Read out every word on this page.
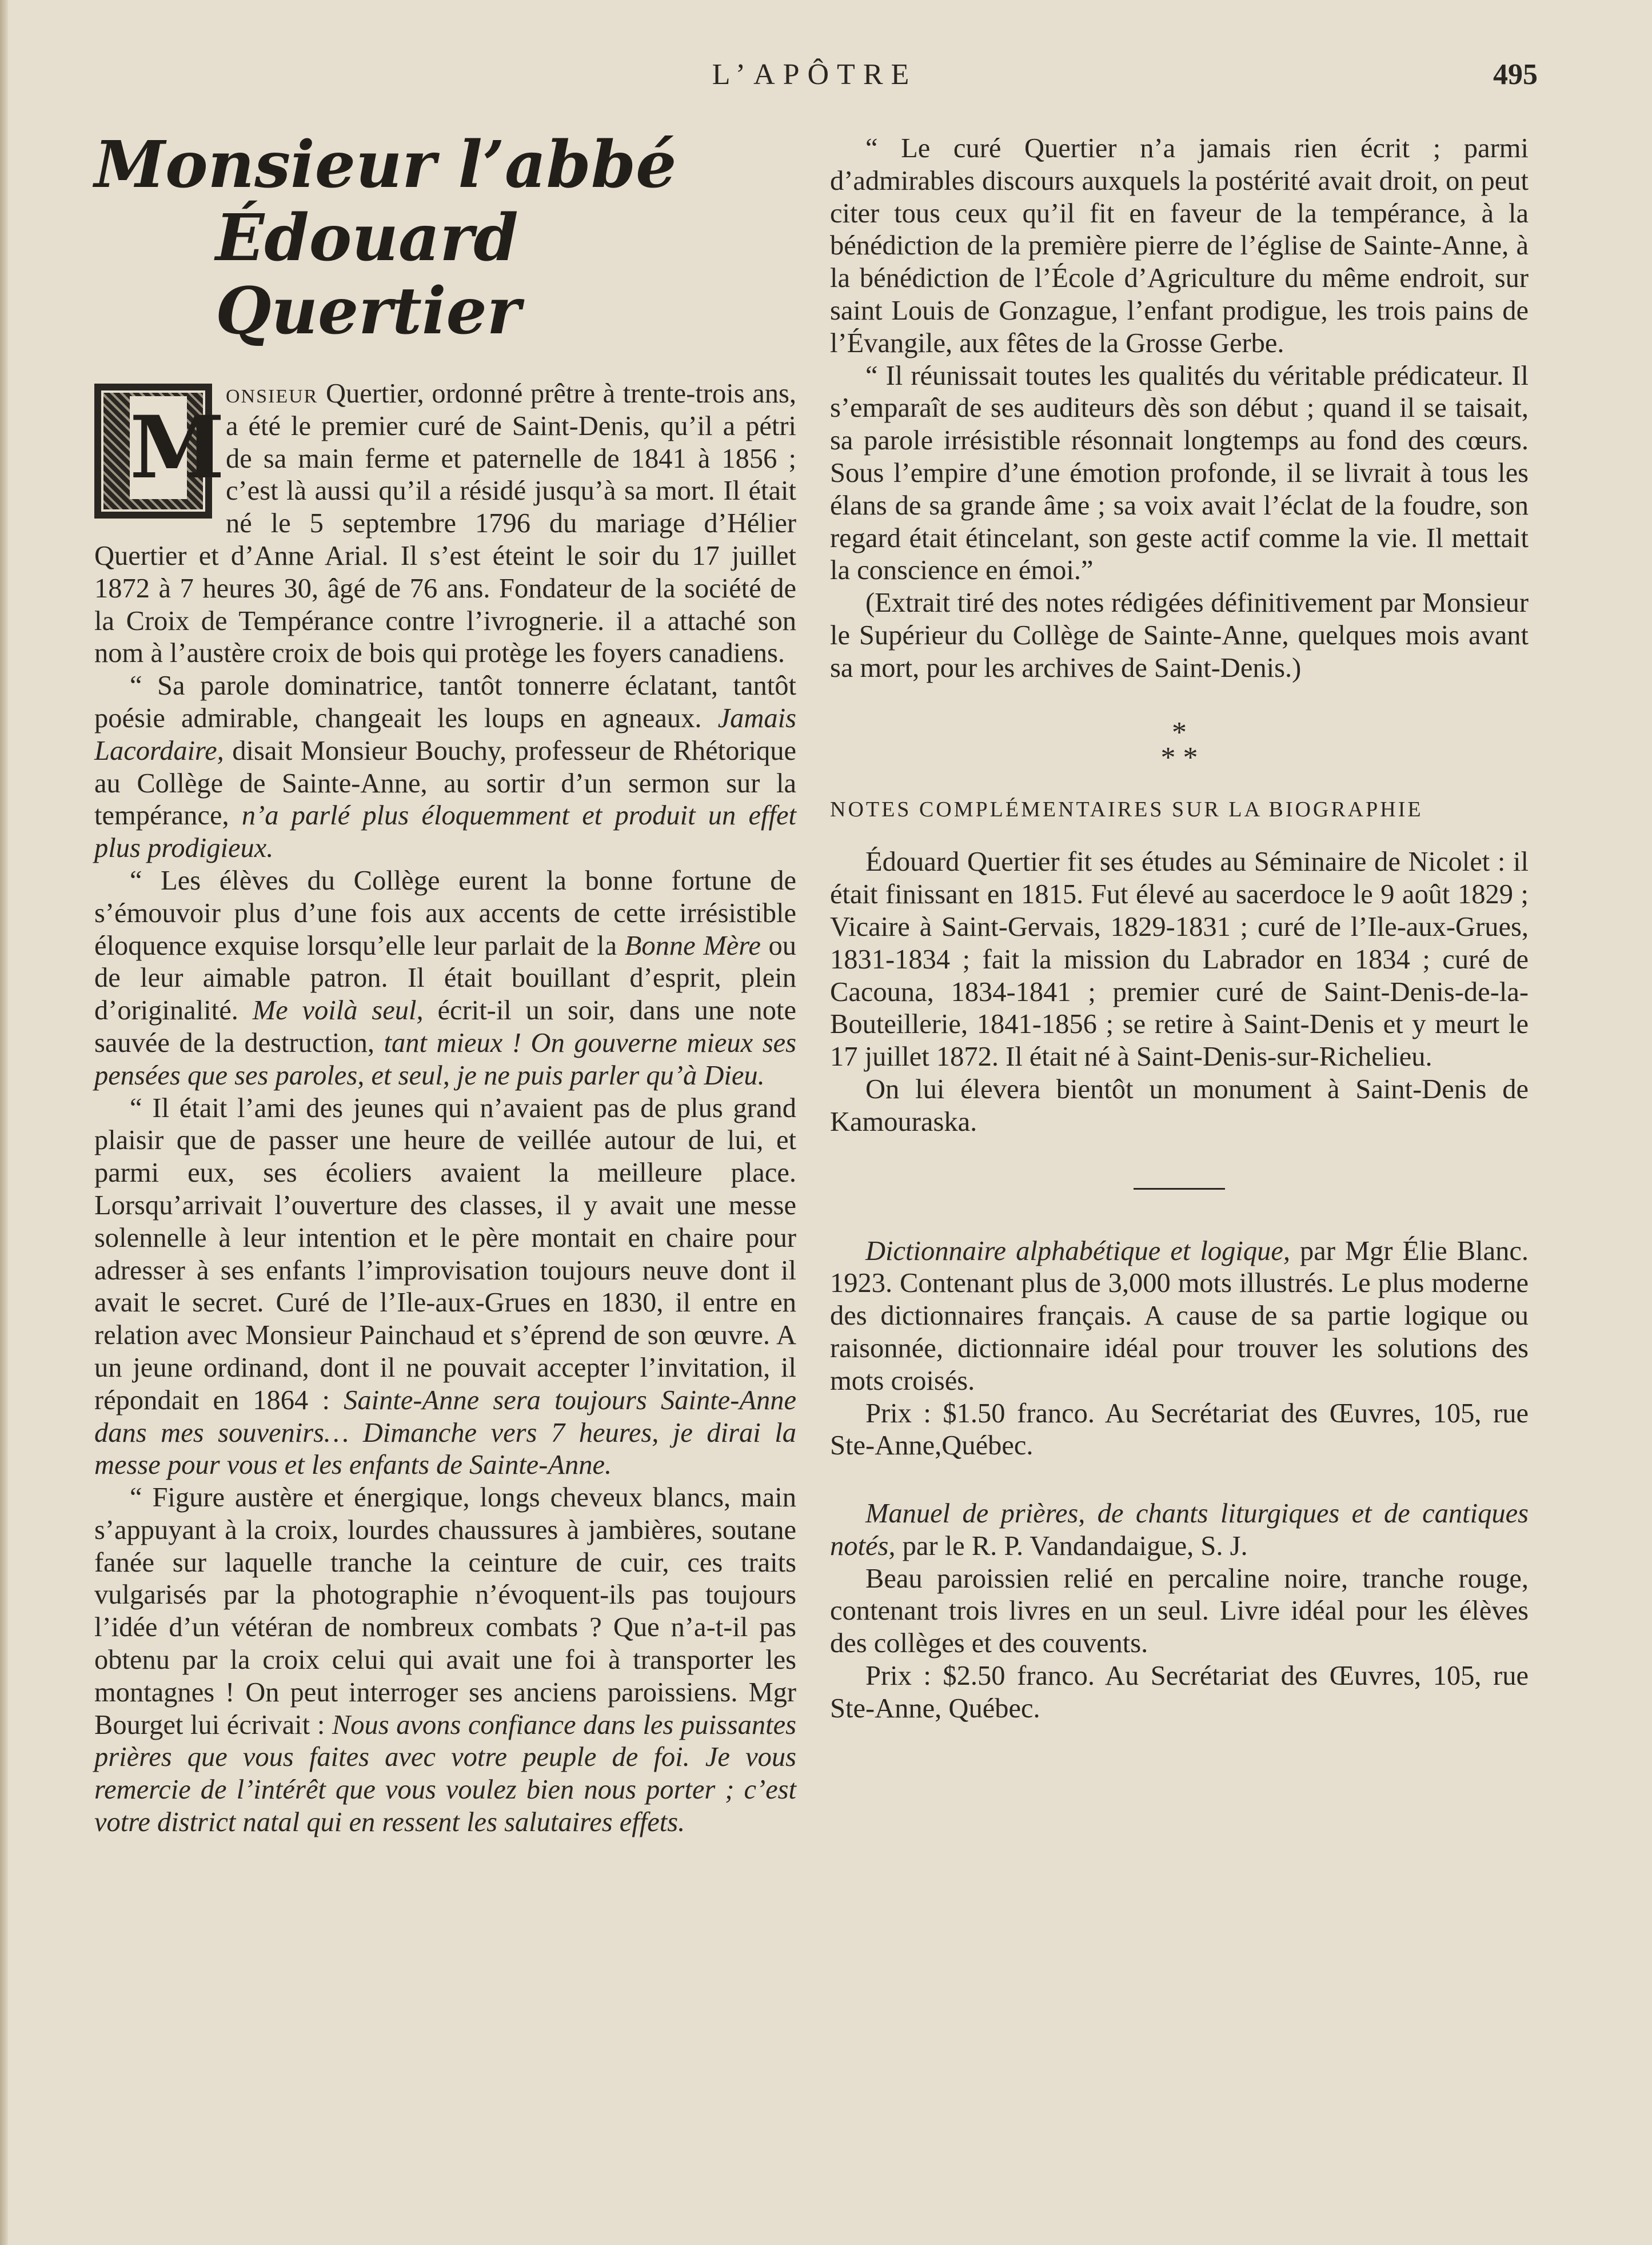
L’APÔTRE	495
Monsieur l’abbé
Édouard Quertier

M
onsieur Quertier, ordonné prêtre à trente-trois ans, a été le premier curé de Saint-Denis, qu’il a pétri de sa main ferme et paternelle de 1841 à 1856 ; c’est là aussi qu’il a résidé jusqu’à sa mort. Il était né le 5 septembre 1796 du mariage d’Hélier Quertier et d’Anne Arial. Il s’est éteint le soir du 17 juillet 1872 à 7 heures 30, âgé de 76 ans. Fondateur de la société de la Croix de Tempérance contre l’ivrognerie. il a attaché son nom à l’austère croix de bois qui protège les foyers canadiens.

“ Sa parole dominatrice, tantôt tonnerre éclatant, tantôt poésie admirable, changeait les loups en agneaux. Jamais Lacordaire, disait Monsieur Bouchy, professeur de Rhétorique au Collège de Sainte-Anne, au sortir d’un sermon sur la tempérance, n’a parlé plus éloquemment et produit un effet plus prodigieux.

“ Les élèves du Collège eurent la bonne fortune de s’émouvoir plus d’une fois aux accents de cette irrésistible éloquence exquise lorsqu’elle leur parlait de la Bonne Mère ou de leur aimable patron. Il était bouillant d’esprit, plein d’originalité. Me voilà seul, écrit-il un soir, dans une note sauvée de la destruction, tant mieux ! On gouverne mieux ses pensées que ses paroles, et seul, je ne puis parler qu’à Dieu.

“ Il était l’ami des jeunes qui n’avaient pas de plus grand plaisir que de passer une heure de veillée autour de lui, et parmi eux, ses écoliers avaient la meilleure place. Lorsqu’arrivait l’ouverture des classes, il y avait une messe solennelle à leur intention et le père montait en chaire pour adresser à ses enfants l’improvisation toujours neuve dont il avait le secret. Curé de l’Ile-aux-Grues en 1830, il entre en relation avec Monsieur Painchaud et s’éprend de son œuvre. A un jeune ordinand, dont il ne pouvait accepter l’invitation, il répondait en 1864 : Sainte-Anne sera toujours Sainte-Anne dans mes souvenirs… Dimanche vers 7 heures, je dirai la messe pour vous et les enfants de Sainte-Anne.

“ Figure austère et énergique, longs cheveux blancs, main s’appuyant à la croix, lourdes chaussures à jambières, soutane fanée sur laquelle tranche la ceinture de cuir, ces traits vulgarisés par la photographie n’évoquent-ils pas toujours l’idée d’un vétéran de nombreux combats ? Que n’a-t-il pas obtenu par la croix celui qui avait une foi à transporter les montagnes ! On peut interroger ses anciens paroissiens. Mgr Bourget lui écrivait : Nous avons confiance dans les puissantes prières que vous faites avec votre peuple de foi. Je vous remercie de l’intérêt que vous voulez bien nous porter ; c’est votre district natal qui en ressent les salutaires effets.

“ Le curé Quertier n’a jamais rien écrit ; parmi d’admirables discours auxquels la postérité avait droit, on peut citer tous ceux qu’il fit en faveur de la tempérance, à la bénédiction de la première pierre de l’église de Sainte-Anne, à la bénédiction de l’École d’Agriculture du même endroit, sur saint Louis de Gonzague, l’enfant prodigue, les trois pains de l’Évangile, aux fêtes de la Grosse Gerbe.

“ Il réunissait toutes les qualités du véritable prédicateur. Il s’emparaît de ses auditeurs dès son début ; quand il se taisait, sa parole irrésistible résonnait longtemps au fond des cœurs. Sous l’empire d’une émotion profonde, il se livrait à tous les élans de sa grande âme ; sa voix avait l’éclat de la foudre, son regard était étincelant, son geste actif comme la vie. Il mettait la conscience en émoi.”

(Extrait tiré des notes rédigées définitivement par Monsieur le Supérieur du Collège de Sainte-Anne, quelques mois avant sa mort, pour les archives de Saint-Denis.)

*
* *

NOTES COMPLÉMENTAIRES SUR LA BIOGRAPHIE

Édouard Quertier fit ses études au Séminaire de Nicolet : il était finissant en 1815. Fut élevé au sacerdoce le 9 août 1829 ; Vicaire à Saint-Gervais, 1829-1831 ; curé de l’Ile-aux-Grues, 1831-1834 ; fait la mission du Labrador en 1834 ; curé de Cacouna, 1834-1841 ; premier curé de Saint-Denis-de-la-Bouteillerie, 1841-1856 ; se retire à Saint-Denis et y meurt le 17 juillet 1872. Il était né à Saint-Denis-sur-Richelieu.

On lui élevera bientôt un monument à Saint-Denis de Kamouraska.

Dictionnaire alphabétique et logique, par Mgr Élie Blanc. 1923. Contenant plus de 3,000 mots illustrés. Le plus moderne des dictionnaires français. A cause de sa partie logique ou raisonnée, dictionnaire idéal pour trouver les solutions des mots croisés.

Prix : $1.50 franco. Au Secrétariat des Œuvres, 105, rue Ste-Anne,Québec.

Manuel de prières, de chants liturgiques et de cantiques notés, par le R. P. Vandandaigue, S. J.

Beau paroissien relié en percaline noire, tranche rouge, contenant trois livres en un seul. Livre idéal pour les élèves des collèges et des couvents.

Prix : $2.50 franco. Au Secrétariat des Œuvres, 105, rue Ste-Anne, Québec.
